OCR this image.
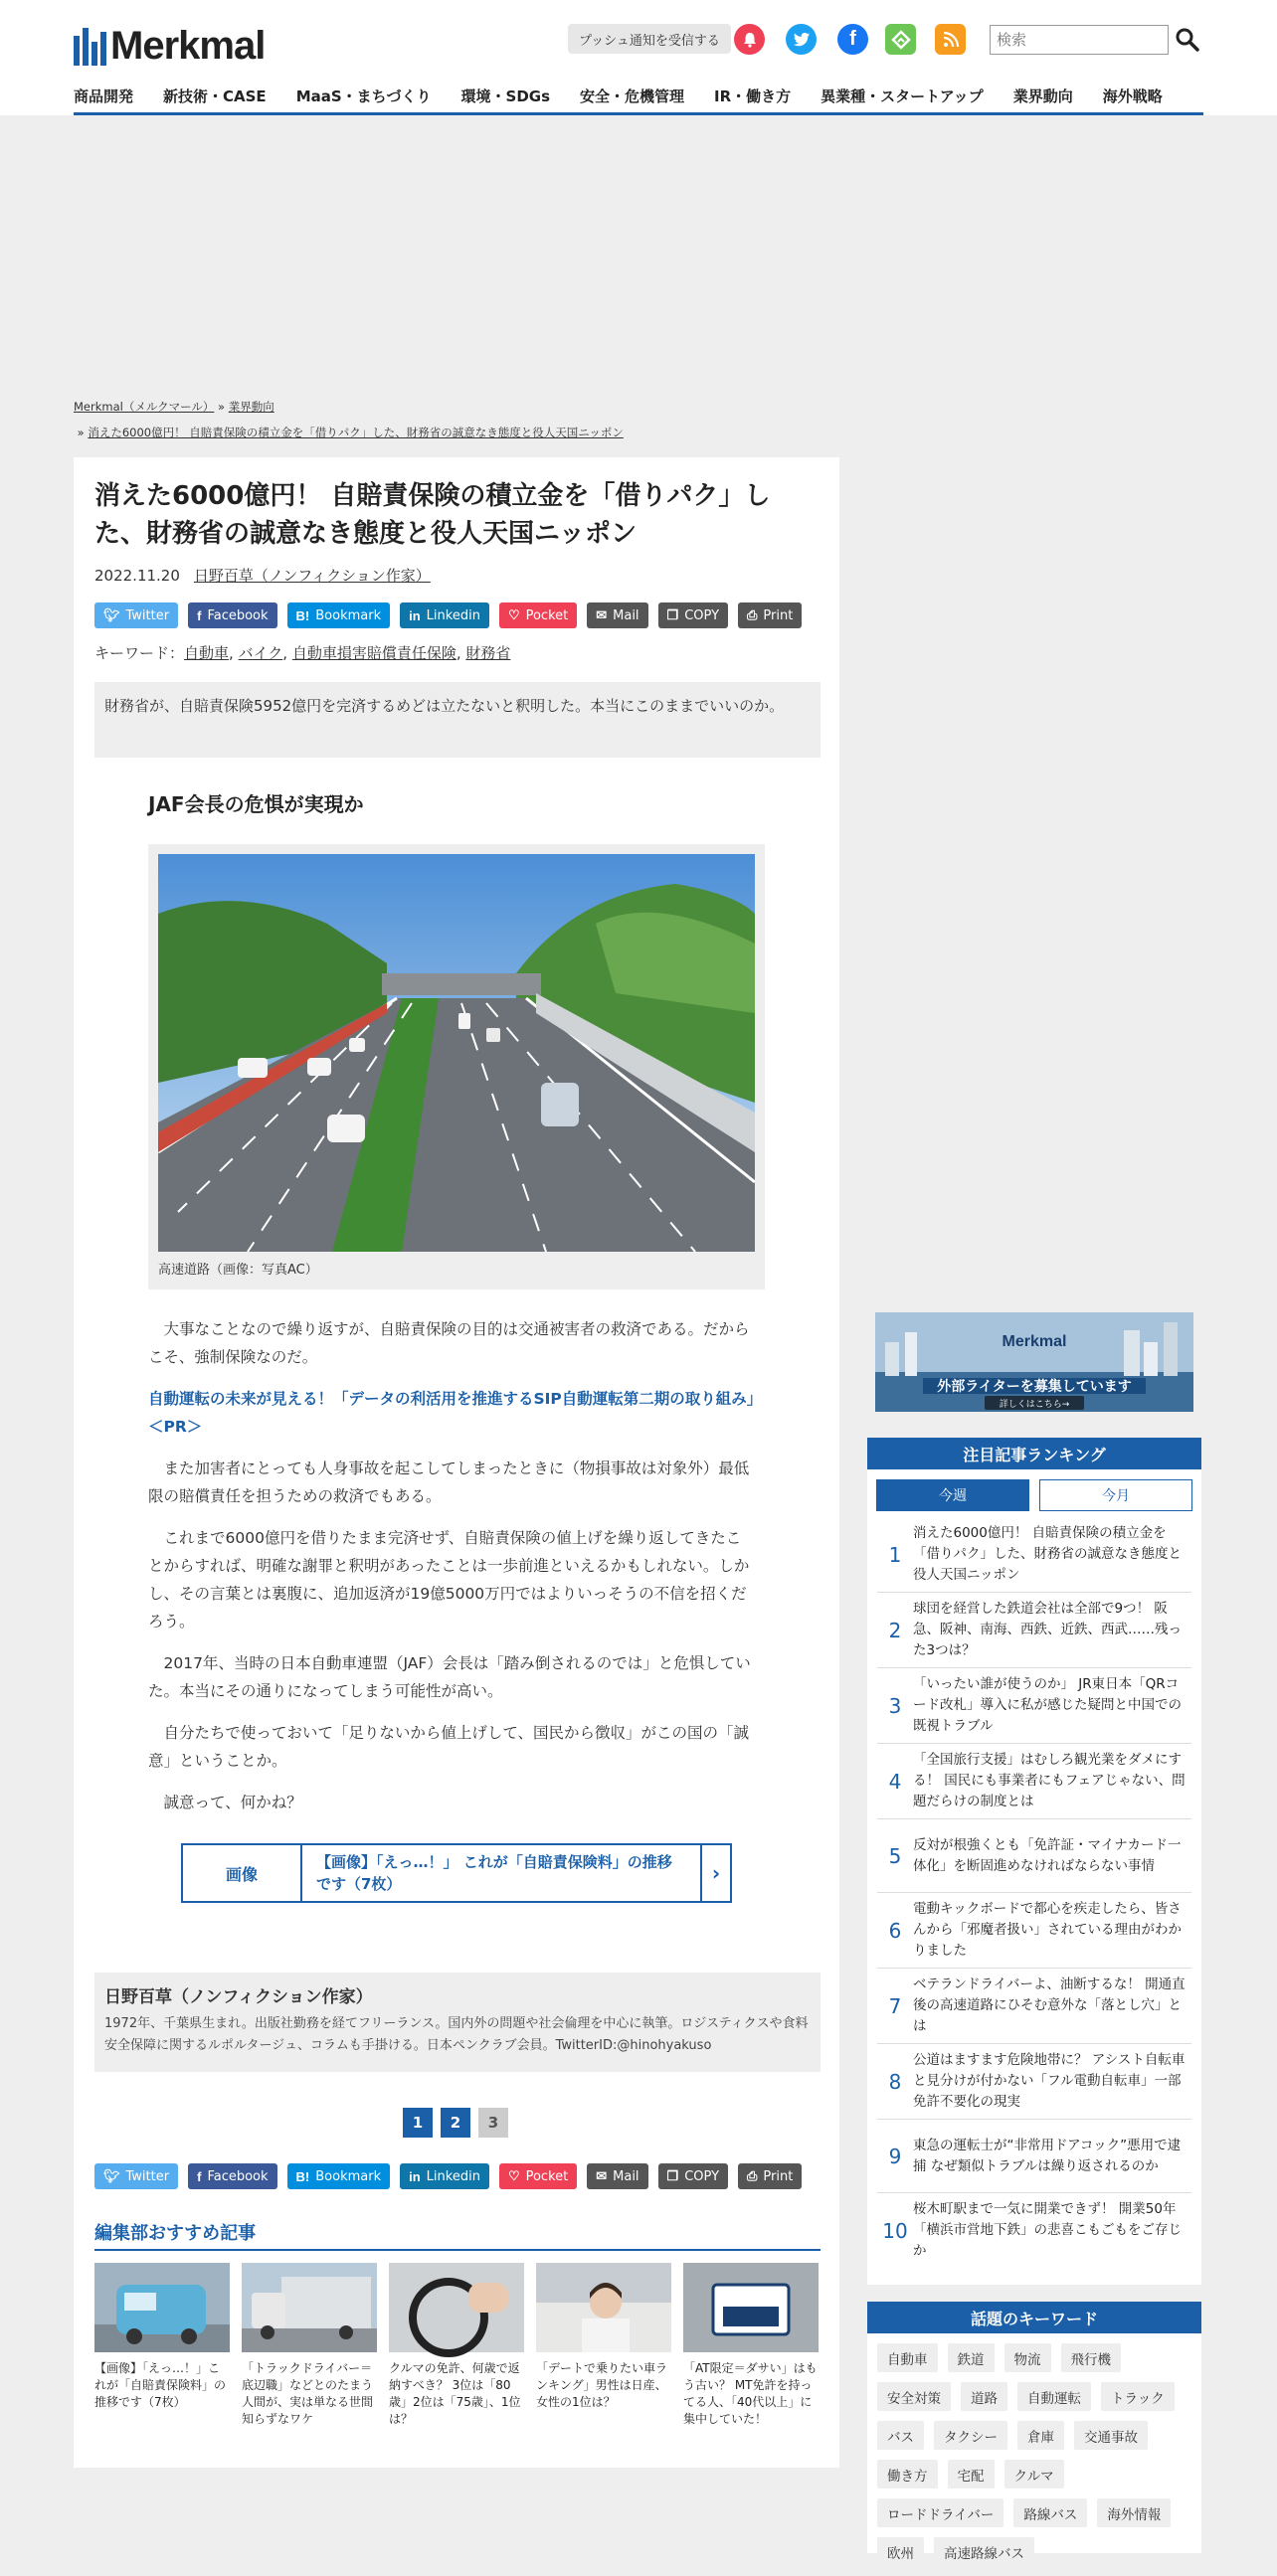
Merkmal	プッシュ通知を受信する	f
検索
商品開発 新技術・CASE MaaS・まちづくり 環境・SDGs 安全・危機管理 IR・働き方 異業種・スタートアップ 業界動向 海外戦略
Merkmal（メルクマール） » 業界動向
» 消えた6000億円！ 自賠責保険の積立金を「借りパク」した、財務省の誠意なき態度と役人天国ニッポン
消えた6000億円！ 自賠責保険の積立金を「借りパク」した、財務省の誠意なき態度と役人天国ニッポン
2022.11.20 日野百草（ノンフィクション作家）
🐦︎ Twitter f Facebook B! Bookmark in Linkedin ♡ Pocket ✉ Mail ❐ COPY ⎙ Print
キーワード：自動車, バイク, 自動車損害賠償責任保険, 財務省
財務省が、自賠責保険5952億円を完済するめどは立たないと釈明した。本当にこのままでいいのか。
JAF会長の危惧が実現か
高速道路（画像：写真AC）

　大事なことなので繰り返すが、自賠責保険の目的は交通被害者の救済である。だからこそ、強制保険なのだ。

自動運転の未来が見える！「データの利活用を推進するSIP自動運転第二期の取り組み」＜PR＞

　また加害者にとっても人身事故を起こしてしまったときに（物損事故は対象外）最低限の賠償責任を担うための救済でもある。

　これまで6000億円を借りたまま完済せず、自賠責保険の値上げを繰り返してきたことからすれば、明確な謝罪と釈明があったことは一歩前進といえるかもしれない。しかし、その言葉とは裏腹に、追加返済が19億5000万円ではよりいっそうの不信を招くだろう。

　2017年、当時の日本自動車連盟（JAF）会長は「踏み倒されるのでは」と危惧していた。本当にその通りになってしまう可能性が高い。

　自分たちで使っておいて「足りないから値上げして、国民から徴収」がこの国の「誠意」ということか。

　誠意って、何かね？

画像
【画像】「えっ…！」 これが「自賠責保険料」の推移です（7枚）	›
日野百草（ノンフィクション作家）
1972年、千葉県生まれ。出版社勤務を経てフリーランス。国内外の問題や社会倫理を中心に執筆。ロジスティクスや食料安全保障に関するルポルタージュ、コラムも手掛ける。日本ペンクラブ会員。TwitterID:@hinohyakuso
1	2	3
🐦︎ Twitter f Facebook B! Bookmark in Linkedin ♡ Pocket ✉ Mail ❐ COPY ⎙ Print
編集部おすすめ記事
【画像】「えっ…！」これが「自賠責保険料」の推移です（7枚）
「トラックドライバー＝底辺職」などとのたまう人間が、実は単なる世間知らずなワケ
クルマの免許、何歳で返納すべき？ 3位は「80歳」2位は「75歳」、1位は？
「デートで乗りたい車ランキング」男性は日産、女性の1位は？
「AT限定＝ダサい」はもう古い？ MT免許を持ってる人、「40代以上」に集中していた！
Merkmal
外部ライターを募集しています
詳しくはこちら→
注目記事ランキング
今週	今月
1
消えた6000億円！ 自賠責保険の積立金を「借りパク」した、財務省の誠意なき態度と役人天国ニッポン
2
球団を経営した鉄道会社は全部で9つ！ 阪急、阪神、南海、西鉄、近鉄、西武……残った3つは？
3
「いったい誰が使うのか」 JR東日本「QRコード改札」導入に私が感じた疑問と中国での既視トラブル
4
「全国旅行支援」はむしろ観光業をダメにする！ 国民にも事業者にもフェアじゃない、問題だらけの制度とは
5 反対が根強くとも「免許証・マイナカード一体化」を断固進めなければならない事情
6
電動キックボードで都心を疾走したら、皆さんから「邪魔者扱い」されている理由がわかりました
7
ベテランドライバーよ、油断するな！ 開通直後の高速道路にひそむ意外な「落とし穴」とは
8
公道はますます危険地帯に？ アシスト自転車と見分けが付かない「フル電動自転車」一部免許不要化の現実
9 東急の運転士が“非常用ドアコック”悪用で逮捕 なぜ類似トラブルは繰り返されるのか
10
桜木町駅まで一気に開業できず！ 開業50年「横浜市営地下鉄」の悲喜こもごもをご存じか
話題のキーワード
自動車	鉄道	物流	飛行機
安全対策	道路	自動運転	トラック
バス	タクシー	倉庫	交通事故
働き方	宅配	クルマ
ロードドライバー	路線バス	海外情報
欧州	高速路線バス
